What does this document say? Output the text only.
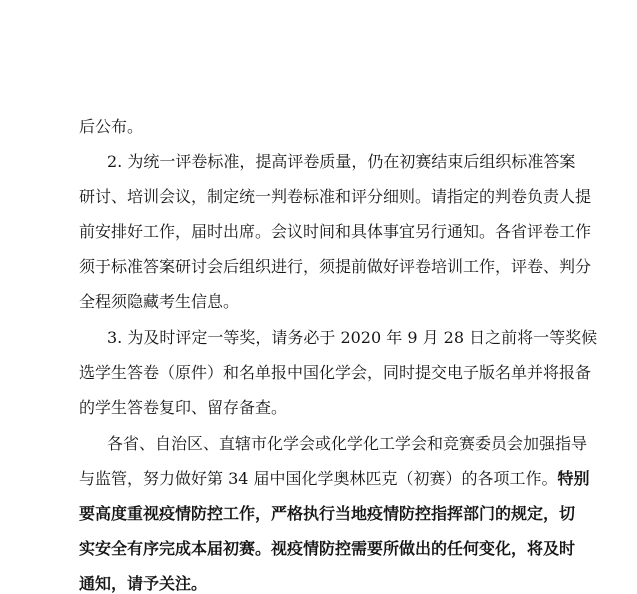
后公布。
2. 为统一评卷标准，提高评卷质量，仍在初赛结束后组织标准答案
研讨、培训会议，制定统一判卷标准和评分细则。请指定的判卷负责人提
前安排好工作，届时出席。会议时间和具体事宜另行通知。各省评卷工作
须于标准答案研讨会后组织进行，须提前做好评卷培训工作，评卷、判分
全程须隐藏考生信息。
3. 为及时评定一等奖，请务必于 2020 年 9 月 28 日之前将一等奖候
选学生答卷（原件）和名单报中国化学会，同时提交电子版名单并将报备
的学生答卷复印、留存备查。
各省、自治区、直辖市化学会或化学化工学会和竞赛委员会加强指导
与监管，努力做好第 34 届中国化学奥林匹克（初赛）的各项工作。特别
要高度重视疫情防控工作，严格执行当地疫情防控指挥部门的规定，切
实安全有序完成本届初赛。视疫情防控需要所做出的任何变化，将及时
通知，请予关注。
